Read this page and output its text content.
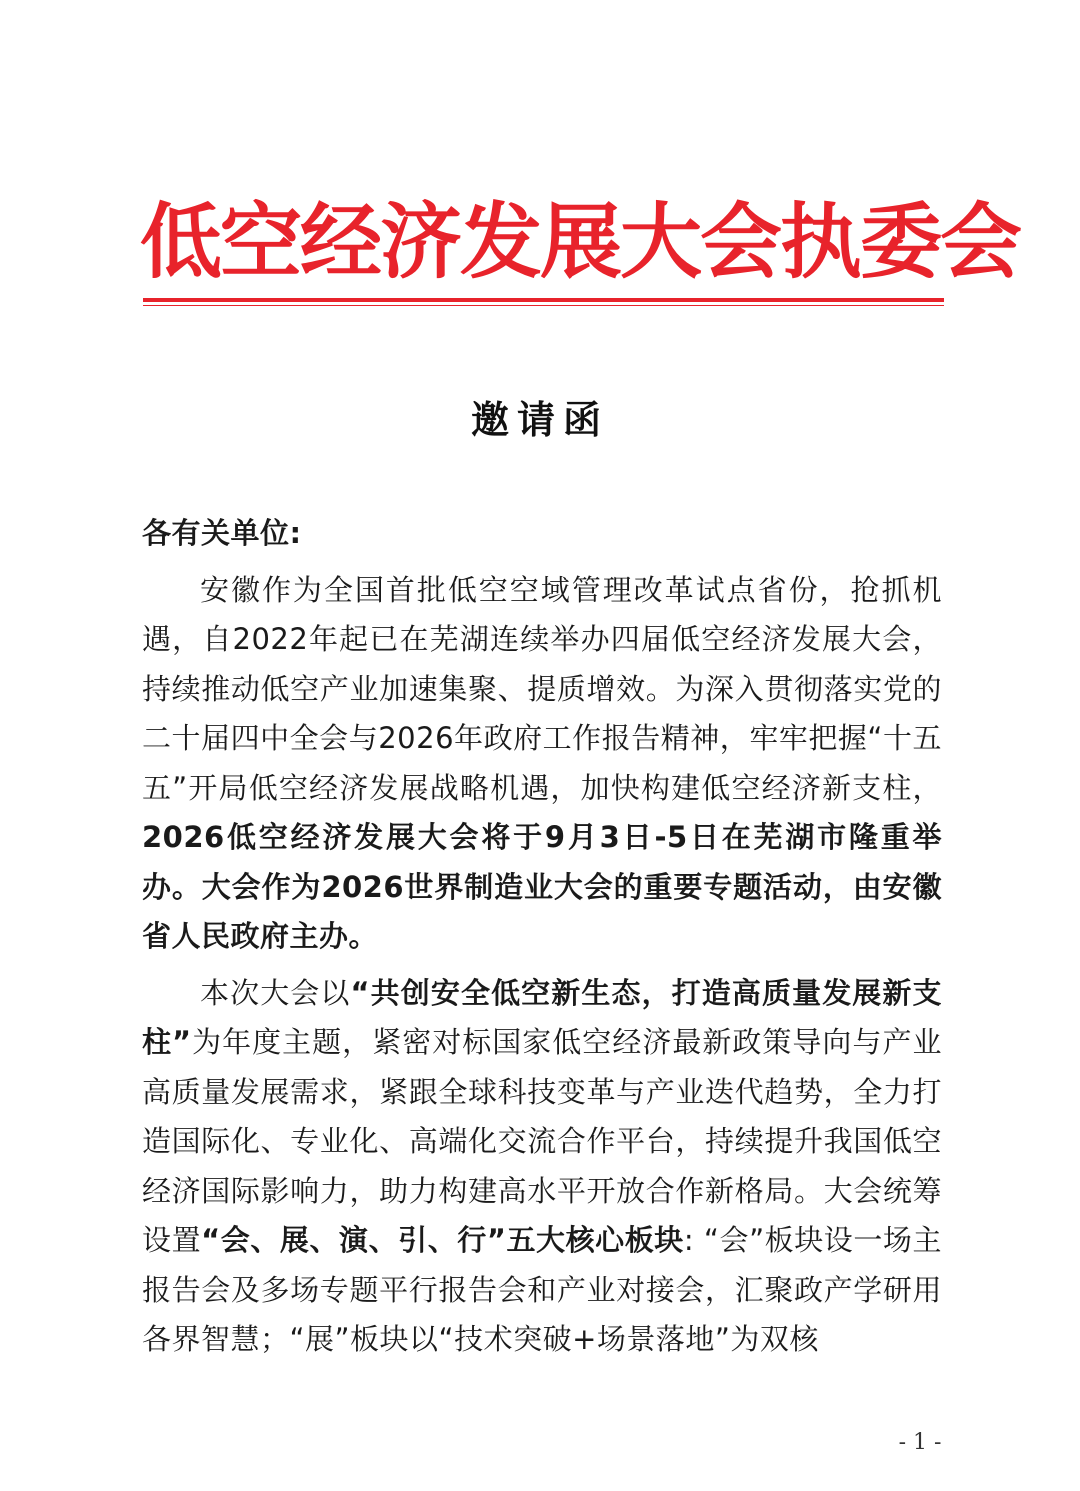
低空经济发展大会执委会
邀请函

各有关单位:

安徽作为全国首批低空空域管理改革试点省份，抢抓机遇，自2022年起已在芜湖连续举办四届低空经济发展大会，持续推动低空产业加速集聚、提质增效。为深入贯彻落实党的二十届四中全会与2026年政府工作报告精神，牢牢把握“十五五”开局低空经济发展战略机遇，加快构建低空经济新支柱，2026低空经济发展大会将于9月3日-5日在芜湖市隆重举办。大会作为2026世界制造业大会的重要专题活动，由安徽省人民政府主办。

本次大会以“共创安全低空新生态，打造高质量发展新支柱”为年度主题，紧密对标国家低空经济最新政策导向与产业高质量发展需求，紧跟全球科技变革与产业迭代趋势，全力打造国际化、专业化、高端化交流合作平台，持续提升我国低空经济国际影响力，助力构建高水平开放合作新格局。大会统筹设置“会、展、演、引、行”五大核心板块: “会”板块设一场主报告会及多场专题平行报告会和产业对接会，汇聚政产学研用各界智慧；“展”板块以“技术突破+场景落地”为双核

- 1 -
